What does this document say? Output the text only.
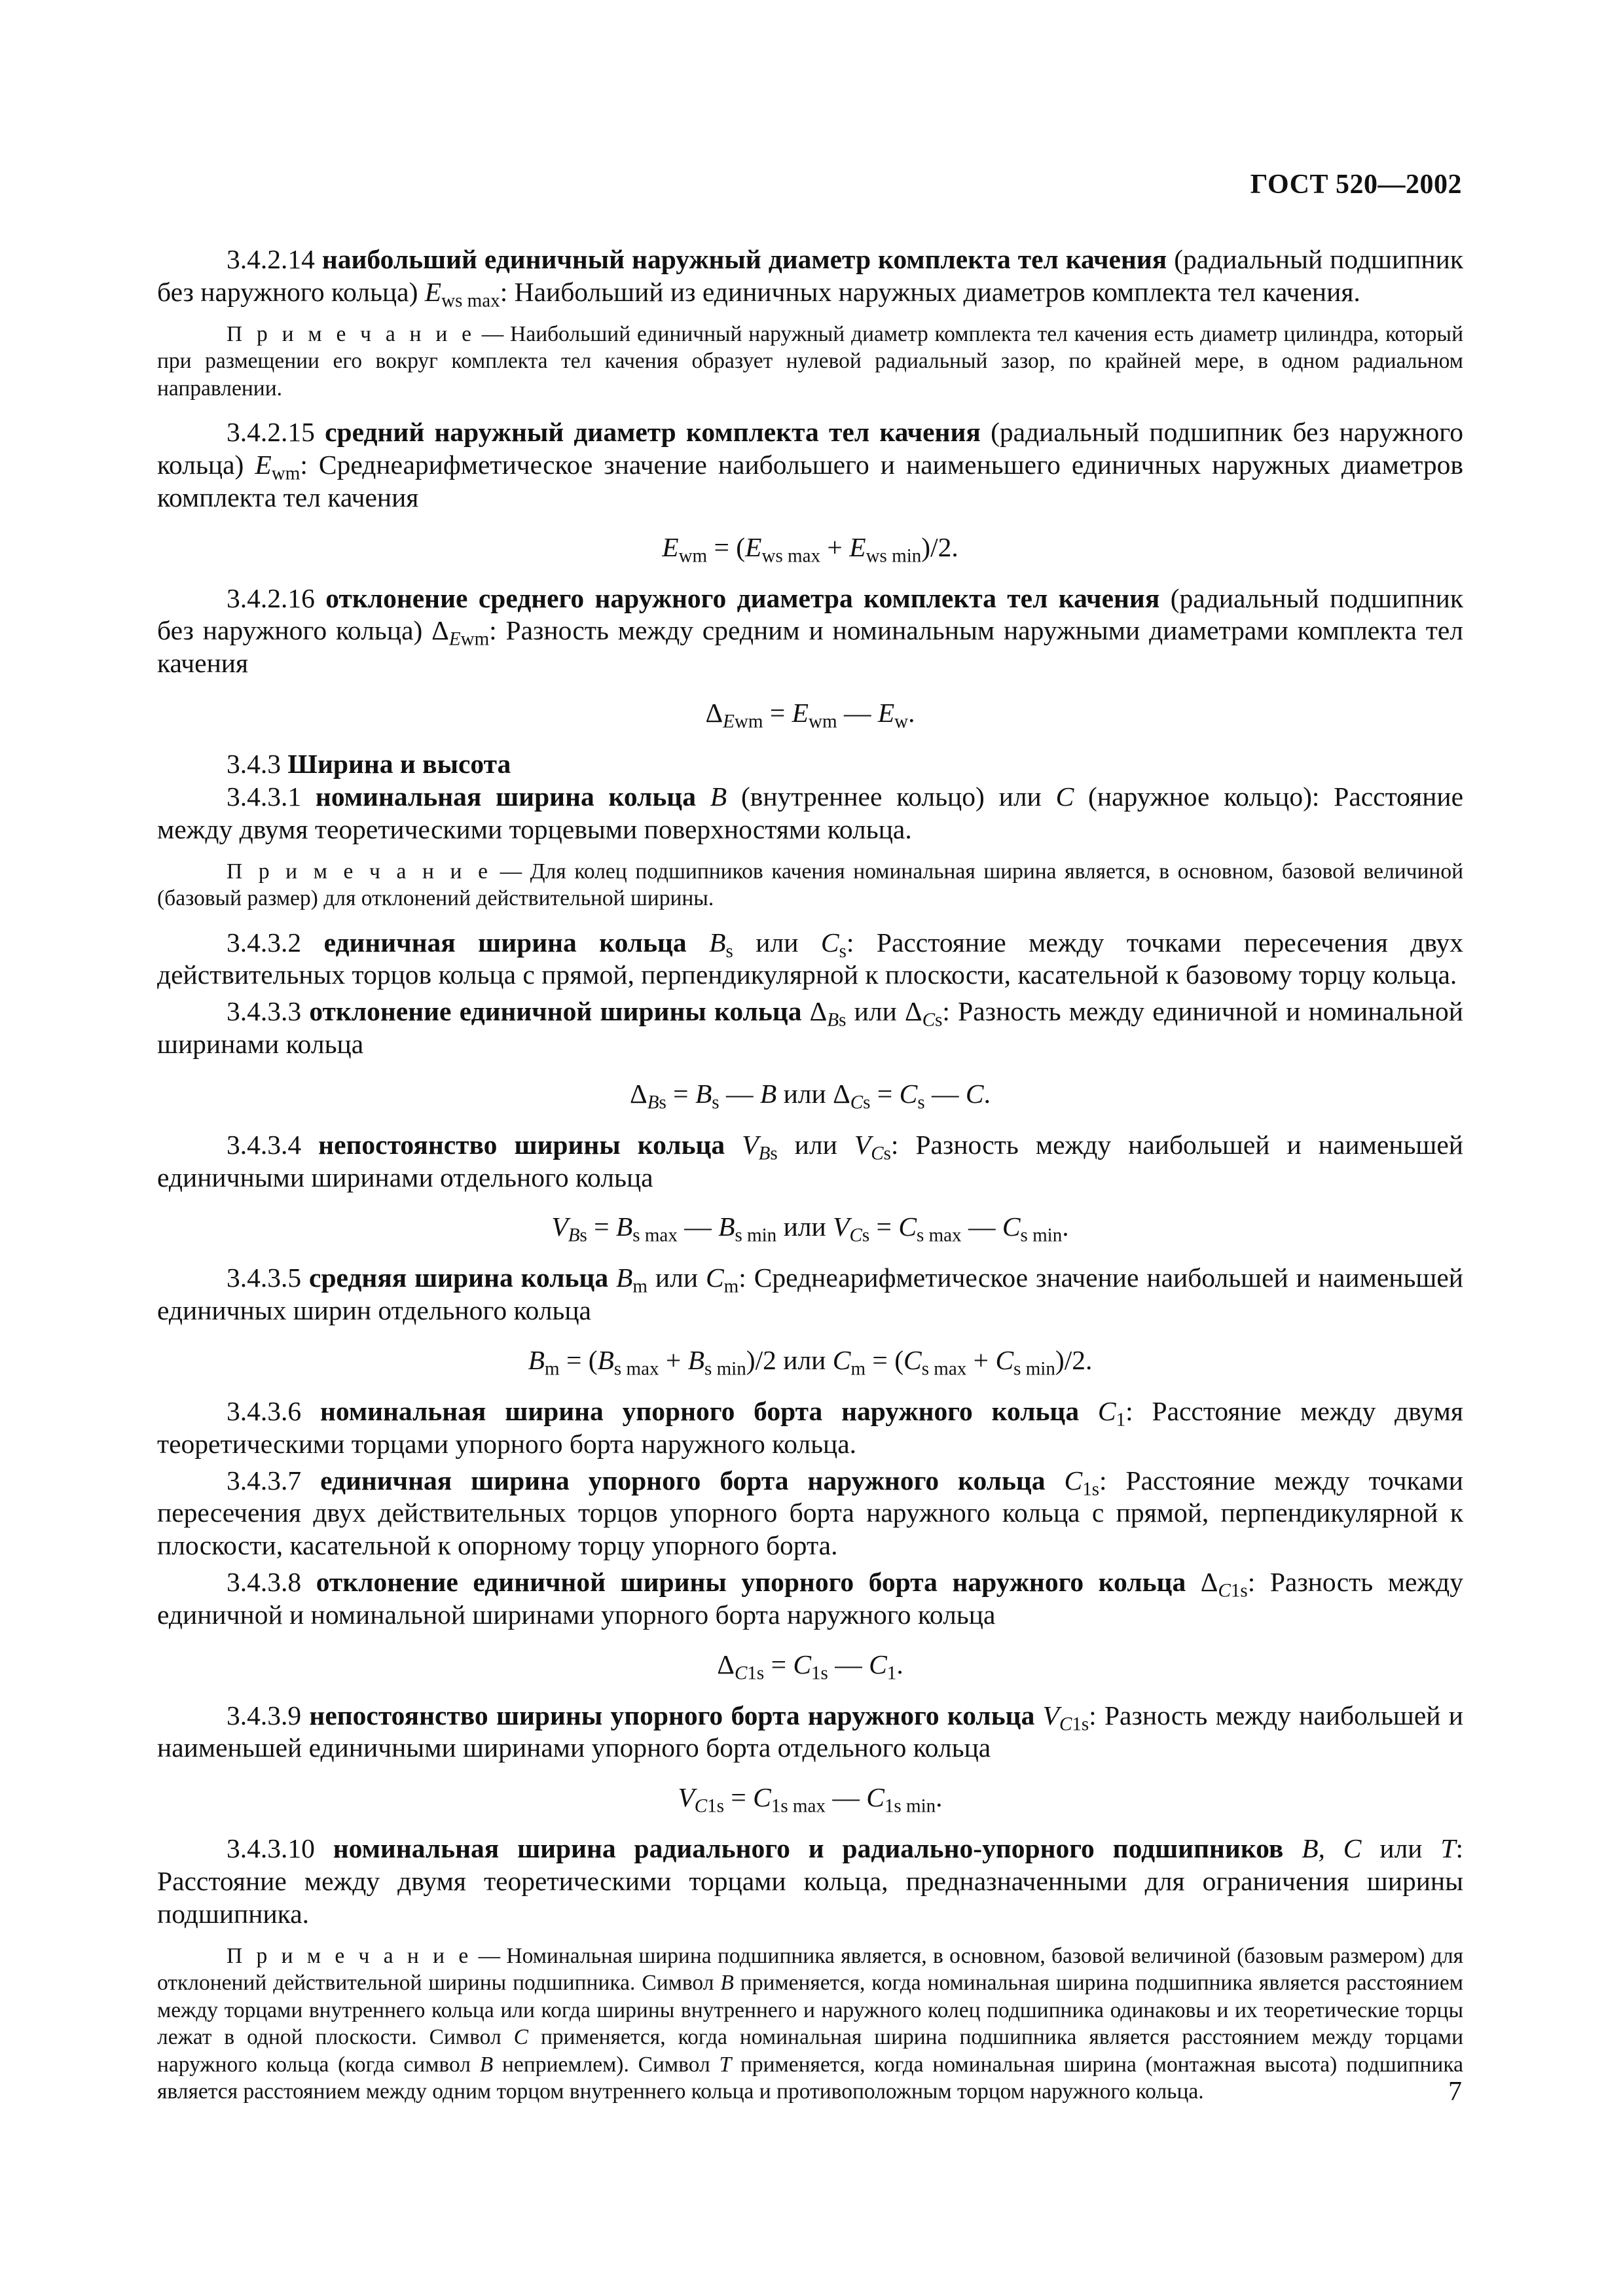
ГОСТ 520—2002

3.4.2.14 наибольший единичный наружный диаметр комплекта тел качения (радиальный подшипник без наружного кольца) $E_{ws max}$: Наибольший из единичных наружных диаметров комплекта тел качения.

П р и м е ч а н и е — Наибольший единичный наружный диаметр комплекта тел качения есть диаметр цилиндра, который при размещении его вокруг комплекта тел качения образует нулевой радиальный зазор, по крайней мере, в одном радиальном направлении.

3.4.2.15 средний наружный диаметр комплекта тел качения (радиальный подшипник без наружного кольца) $E_{wm}$: Среднеарифметическое значение наибольшего и наименьшего единичных наружных диаметров комплекта тел качения

$E_{wm} = (E_{ws max} + E_{ws min})/2$.

3.4.2.16 отклонение среднего наружного диаметра комплекта тел качения (радиальный подшипник без наружного кольца) $\Delta_{Ewm}$: Разность между средним и номинальным наружными диаметрами комплекта тел качения

$\Delta_{Ewm} = E_{wm}$ — $E_w$.

3.4.3 Ширина и высота

3.4.3.1 номинальная ширина кольца B (внутреннее кольцо) или C (наружное кольцо): Расстояние между двумя теоретическими торцевыми поверхностями кольца.

П р и м е ч а н и е — Для колец подшипников качения номинальная ширина является, в основном, базовой величиной (базовый размер) для отклонений действительной ширины.

3.4.3.2 единичная ширина кольца $B_s$ или $C_s$: Расстояние между точками пересечения двух действительных торцов кольца с прямой, перпендикулярной к плоскости, касательной к базовому торцу кольца.

3.4.3.3 отклонение единичной ширины кольца $\Delta_{Bs}$ или $\Delta_{Cs}$: Разность между единичной и номинальной ширинами кольца

$\Delta_{Bs} = B_s$ — B или $\Delta_{Cs} = C_s$ — C.

3.4.3.4 непостоянство ширины кольца $V_{Bs}$ или $V_{Cs}$: Разность между наибольшей и наименьшей единичными ширинами отдельного кольца

$V_{Bs} = B_{s max}$ — $B_{s min}$ или $V_{Cs} = C_{s max}$ — $C_{s min}$.

3.4.3.5 средняя ширина кольца $B_m$ или $C_m$: Среднеарифметическое значение наибольшей и наименьшей единичных ширин отдельного кольца

$B_m = (B_{s max} + B_{s min})/2$ или $C_m = (C_{s max} + C_{s min})/2$.

3.4.3.6 номинальная ширина упорного борта наружного кольца $C_1$: Расстояние между двумя теоретическими торцами упорного борта наружного кольца.

3.4.3.7 единичная ширина упорного борта наружного кольца $C_{1s}$: Расстояние между точками пересечения двух действительных торцов упорного борта наружного кольца с прямой, перпендикулярной к плоскости, касательной к опорному торцу упорного борта.

3.4.3.8 отклонение единичной ширины упорного борта наружного кольца $\Delta_{C1s}$: Разность между единичной и номинальной ширинами упорного борта наружного кольца

$\Delta_{C1s} = C_{1s}$ — $C_1$.

3.4.3.9 непостоянство ширины упорного борта наружного кольца $V_{C1s}$: Разность между наибольшей и наименьшей единичными ширинами упорного борта отдельного кольца

$V_{C1s} = C_{1s max}$ — $C_{1s min}$.

3.4.3.10 номинальная ширина радиального и радиально-упорного подшипников B, C или T: Расстояние между двумя теоретическими торцами кольца, предназначенными для ограничения ширины подшипника.

П р и м е ч а н и е — Номинальная ширина подшипника является, в основном, базовой величиной (базовым размером) для отклонений действительной ширины подшипника. Символ B применяется, когда номинальная ширина подшипника является расстоянием между торцами внутреннего кольца или когда ширины внутреннего и наружного колец подшипника одинаковы и их теоретические торцы лежат в одной плоскости. Символ C применяется, когда номинальная ширина подшипника является расстоянием между торцами наружного кольца (когда символ B неприемлем). Символ T применяется, когда номинальная ширина (монтажная высота) подшипника является расстоянием между одним торцом внутреннего кольца и противоположным торцом наружного кольца.	7
